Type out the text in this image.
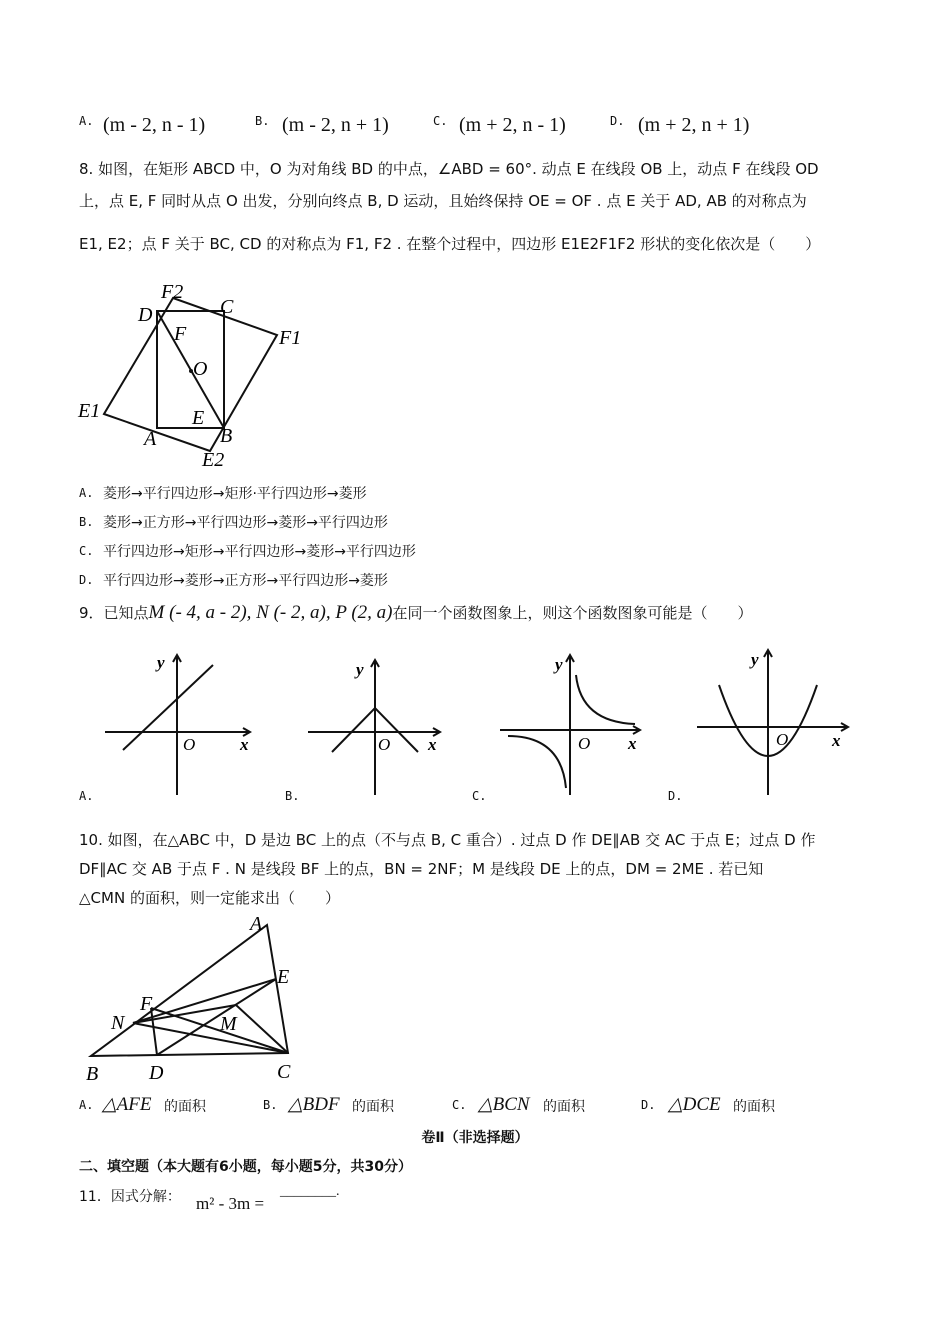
A. (m - 2, n - 1)	B. (m - 2, n + 1)	C. (m + 2, n - 1)	D. (m + 2, n + 1)
8. 如图，在矩形 ABCD 中，O 为对角线 BD 的中点，∠ABD = 60°. 动点 E 在线段 OB 上，动点 F 在线段 OD
上，点 E, F 同时从点 O 出发，分别向终点 B, D 运动，且始终保持 OE = OF . 点 E 关于 AD, AB 的对称点为
E1, E2；点 F 关于 BC, CD 的对称点为 F1, F2 . 在整个过程中，四边形 E1E2F1F2 形状的变化依次是（　　）
F2
C
D
F	F1
O
E1	E
A	B
E2
A. 菱形→平行四边形→矩形·平行四边形→菱形
B. 菱形→正方形→平行四边形→菱形→平行四边形
C. 平行四边形→矩形→平行四边形→菱形→平行四边形
D. 平行四边形→菱形→正方形→平行四边形→菱形
9．已知点M (- 4, a - 2), N (- 2, a), P (2, a)在同一个函数图象上，则这个函数图象可能是（　　）
y
x
O
A.
y
x
O
B.
y
x
O
C.
y
x
O
D.
10. 如图，在△ABC 中，D 是边 BC 上的点（不与点 B, C 重合）. 过点 D 作 DE∥AB 交 AC 于点 E；过点 D 作
DF∥AC 交 AB 于点 F . N 是线段 BF 上的点，BN = 2NF；M 是线段 DE 上的点，DM = 2ME . 若已知
△CMN 的面积，则一定能求出（　　）
A
E
F
N	M
B	D	C
A. △AFE 的面积	B. △BDF 的面积	C. △BCN 的面积	D. △DCE 的面积
卷Ⅱ（非选择题）
二、填空题（本大题有6小题，每小题5分，共30分）
11．因式分解： m² - 3m =
________.
